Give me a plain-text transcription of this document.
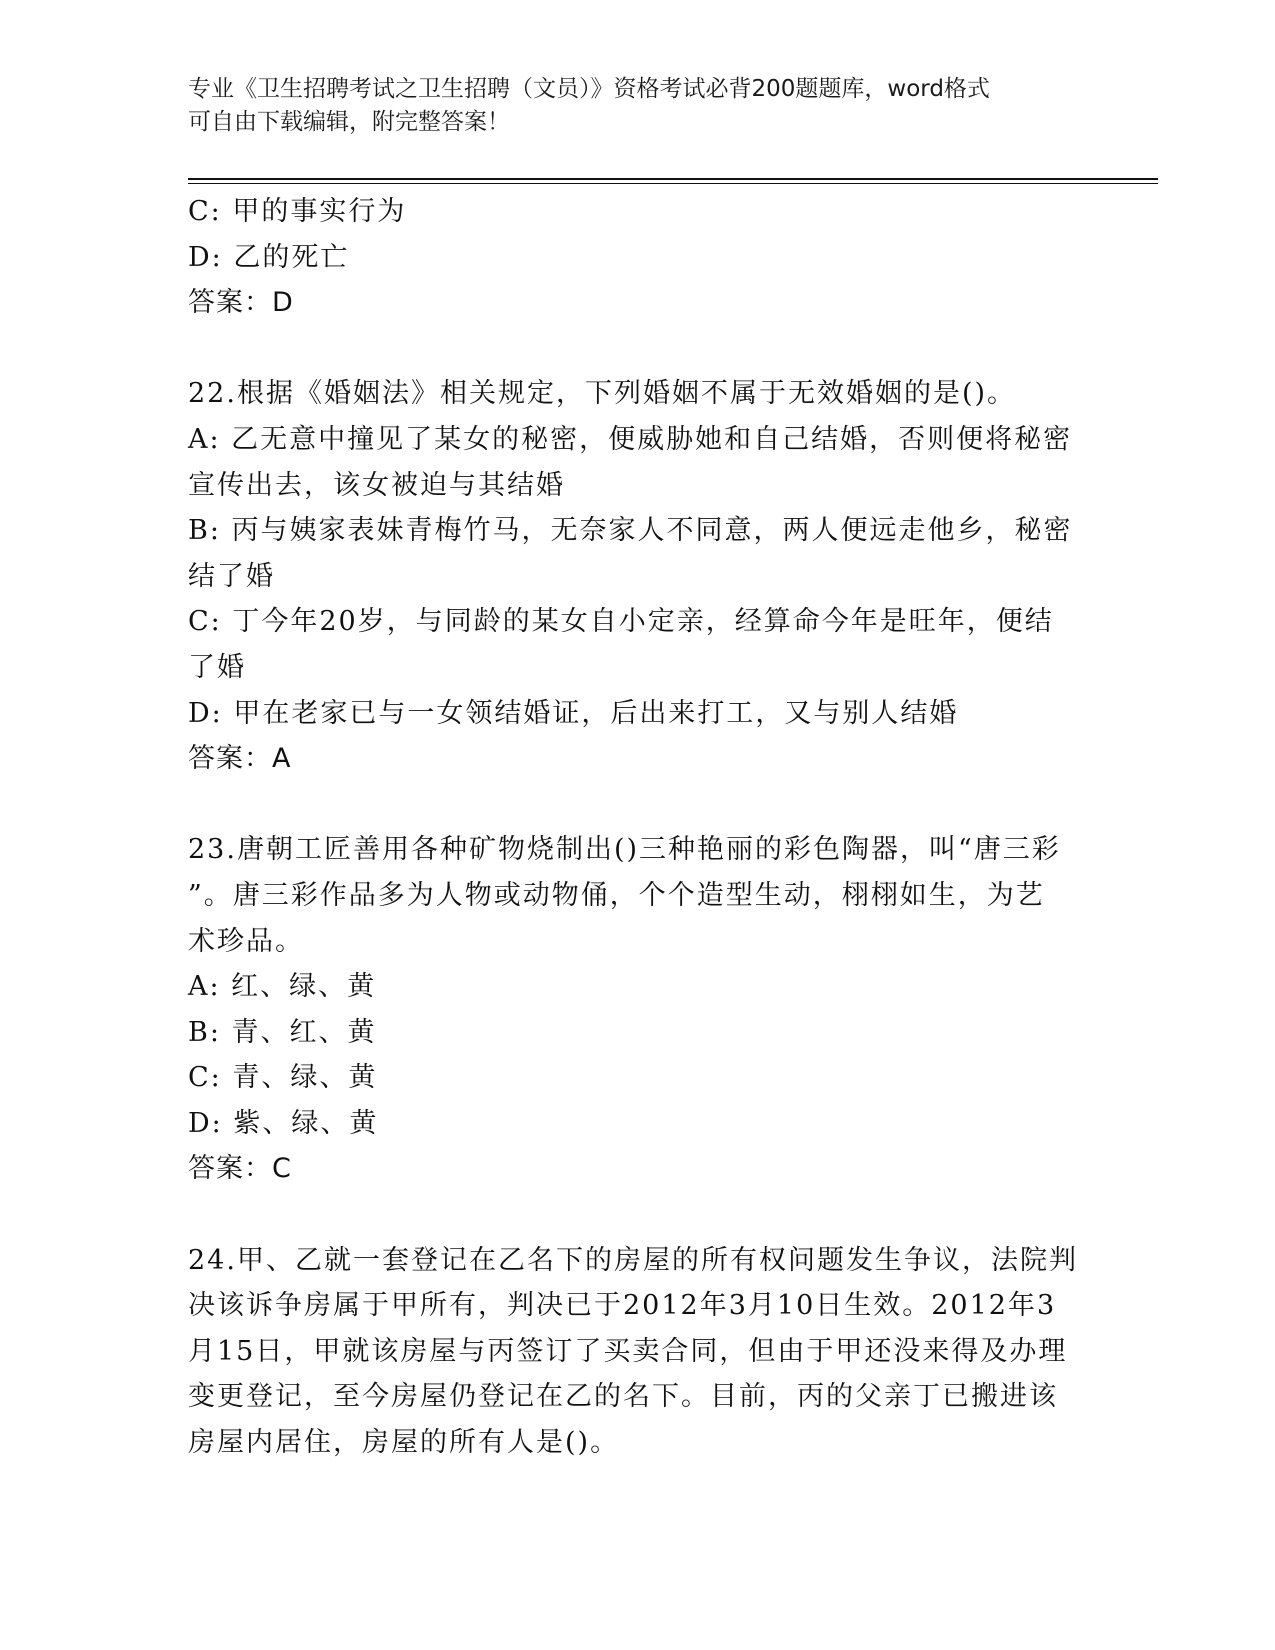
专业《卫生招聘考试之卫生招聘（文员）》资格考试必背200题题库，word格式
可自由下载编辑，附完整答案！
C: 甲的事实行为
D: 乙的死亡
答案：D
22.根据《婚姻法》相关规定，下列婚姻不属于无效婚姻的是()。
A: 乙无意中撞见了某女的秘密，便威胁她和自己结婚，否则便将秘密
宣传出去，该女被迫与其结婚
B: 丙与姨家表妹青梅竹马，无奈家人不同意，两人便远走他乡，秘密
结了婚
C: 丁今年20岁，与同龄的某女自小定亲，经算命今年是旺年，便结
了婚
D: 甲在老家已与一女领结婚证，后出来打工，又与别人结婚
答案：A
23.唐朝工匠善用各种矿物烧制出()三种艳丽的彩色陶器，叫“唐三彩
”。唐三彩作品多为人物或动物俑，个个造型生动，栩栩如生，为艺
术珍品。
A: 红、绿、黄
B: 青、红、黄
C: 青、绿、黄
D: 紫、绿、黄
答案：C
24.甲、乙就一套登记在乙名下的房屋的所有权问题发生争议，法院判
决该诉争房属于甲所有，判决已于2012年3月10日生效。2012年3
月15日，甲就该房屋与丙签订了买卖合同，但由于甲还没来得及办理
变更登记，至今房屋仍登记在乙的名下。目前，丙的父亲丁已搬进该
房屋内居住，房屋的所有人是()。
